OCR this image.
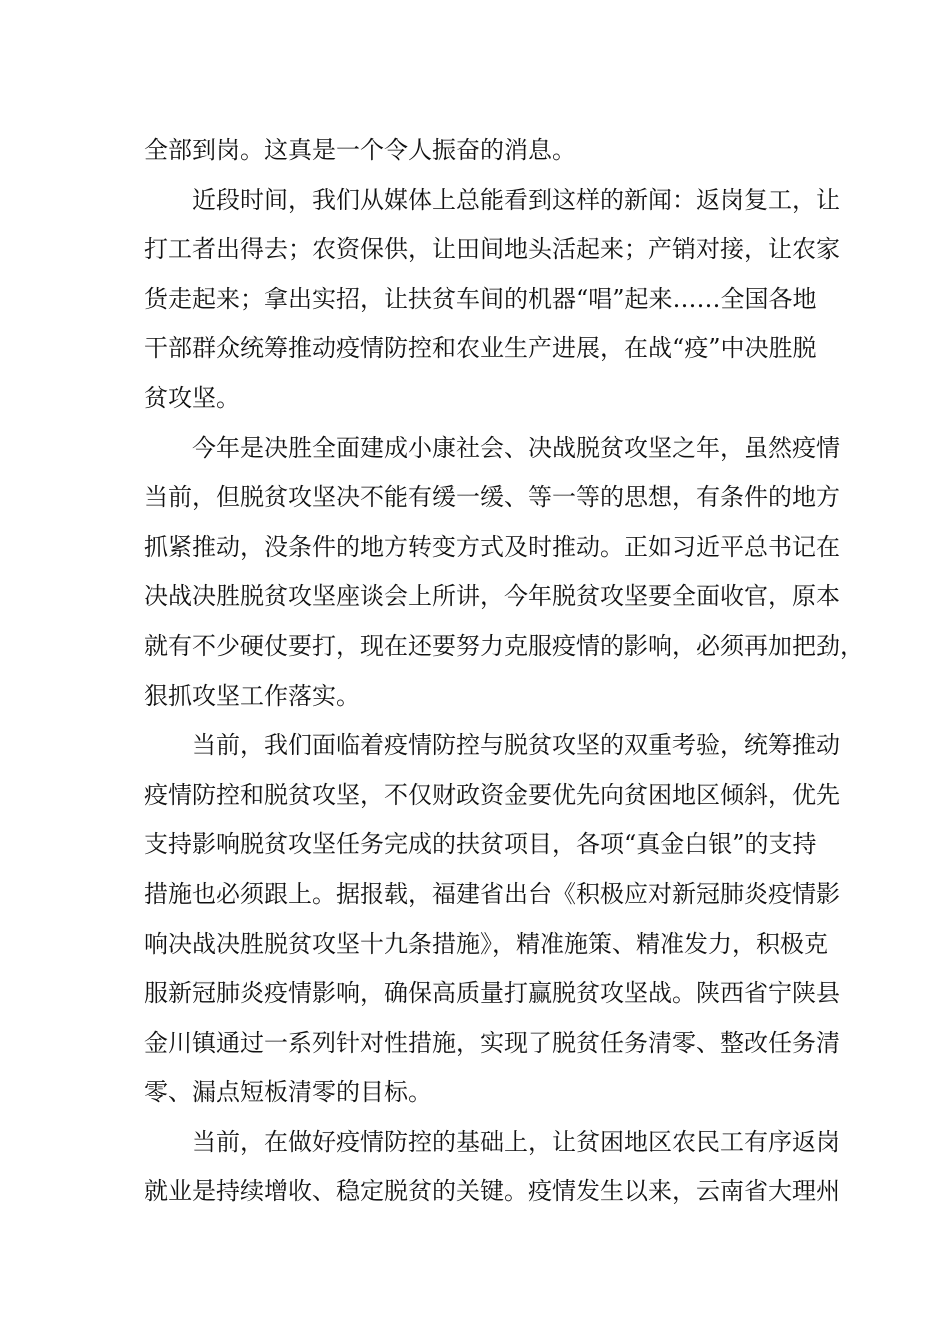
全部到岗。这真是一个令人振奋的消息。
近段时间，我们从媒体上总能看到这样的新闻：返岗复工，让
打工者出得去；农资保供，让田间地头活起来；产销对接，让农家
货走起来；拿出实招，让扶贫车间的机器“唱”起来……全国各地
干部群众统筹推动疫情防控和农业生产进展，在战“疫”中决胜脱
贫攻坚。
今年是决胜全面建成小康社会、决战脱贫攻坚之年，虽然疫情
当前，但脱贫攻坚决不能有缓一缓、等一等的思想，有条件的地方
抓紧推动，没条件的地方转变方式及时推动。正如习近平总书记在
决战决胜脱贫攻坚座谈会上所讲，今年脱贫攻坚要全面收官，原本
就有不少硬仗要打，现在还要努力克服疫情的影响，必须再加把劲，
狠抓攻坚工作落实。
当前，我们面临着疫情防控与脱贫攻坚的双重考验，统筹推动
疫情防控和脱贫攻坚，不仅财政资金要优先向贫困地区倾斜，优先
支持影响脱贫攻坚任务完成的扶贫项目，各项“真金白银”的支持
措施也必须跟上。据报载，福建省出台《积极应对新冠肺炎疫情影
响决战决胜脱贫攻坚十九条措施》，精准施策、精准发力，积极克
服新冠肺炎疫情影响，确保高质量打赢脱贫攻坚战。陕西省宁陕县
金川镇通过一系列针对性措施，实现了脱贫任务清零、整改任务清
零、漏点短板清零的目标。
当前，在做好疫情防控的基础上，让贫困地区农民工有序返岗
就业是持续增收、稳定脱贫的关键。疫情发生以来，云南省大理州
